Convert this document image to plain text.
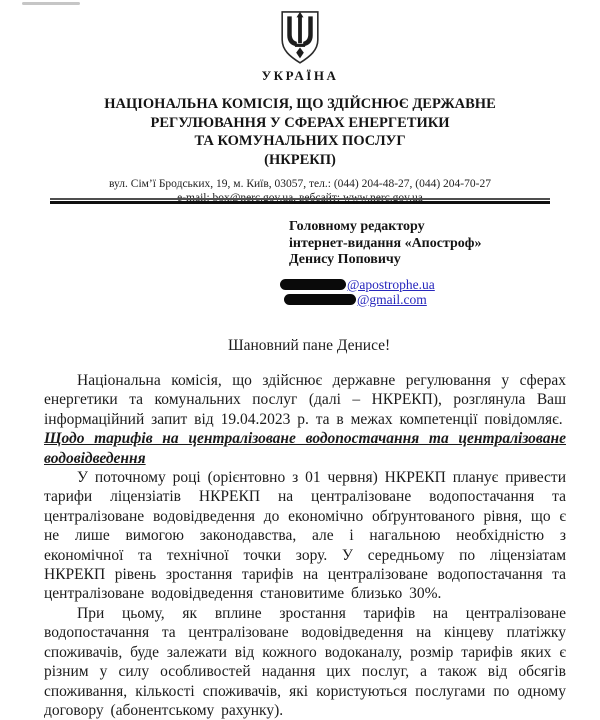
УКРАЇНА
НАЦІОНАЛЬНА КОМІСІЯ, ЩО ЗДІЙСНЮЄ ДЕРЖАВНЕ
РЕГУЛЮВАННЯ У СФЕРАХ ЕНЕРГЕТИКИ
ТА КОМУНАЛЬНИХ ПОСЛУГ
(НКРЕКП)
вул. Сім’ї Бродських, 19, м. Київ, 03057, тел.: (044) 204-48-27, (044) 204-70-27
e-mail: box@nerc.gov.ua, вебсайт: www.nerc.gov.ua
Головному редактору
інтернет-видання «Апостроф»
Денису Поповичу
@apostrophe.ua
@gmail.com
Шановний пане Денисе!

Національна комісія, що здійснює державне регулювання у сферах енергетики та комунальних послуг (далі – НКРЕКП), розглянула Ваш інформаційний запит від 19.04.2023 р. та в межах компетенції повідомляє.

Щодо тарифів на централізоване водопостачання та централізоване
водовідведення

У поточному році (орієнтовно з 01 червня) НКРЕКП планує привести тарифи ліцензіатів НКРЕКП на централізоване водопостачання та централізоване водовідведення до економічно обґрунтованого рівня, що є не лише вимогою законодавства, але і нагальною необхідністю з економічної та технічної точки зору. У середньому по ліцензіатам НКРЕКП рівень зростання тарифів на централізоване водопостачання та централізоване водовідведення становитиме близько 30%.

При цьому, як вплине зростання тарифів на централізоване водопостачання та централізоване водовідведення на кінцеву платіжку споживачів, буде залежати від кожного водоканалу, розмір тарифів яких є різним у силу особливостей надання цих послуг, а також від обсягів споживання, кількості споживачів, які користуються послугами по одному договору (абонентському рахунку).
